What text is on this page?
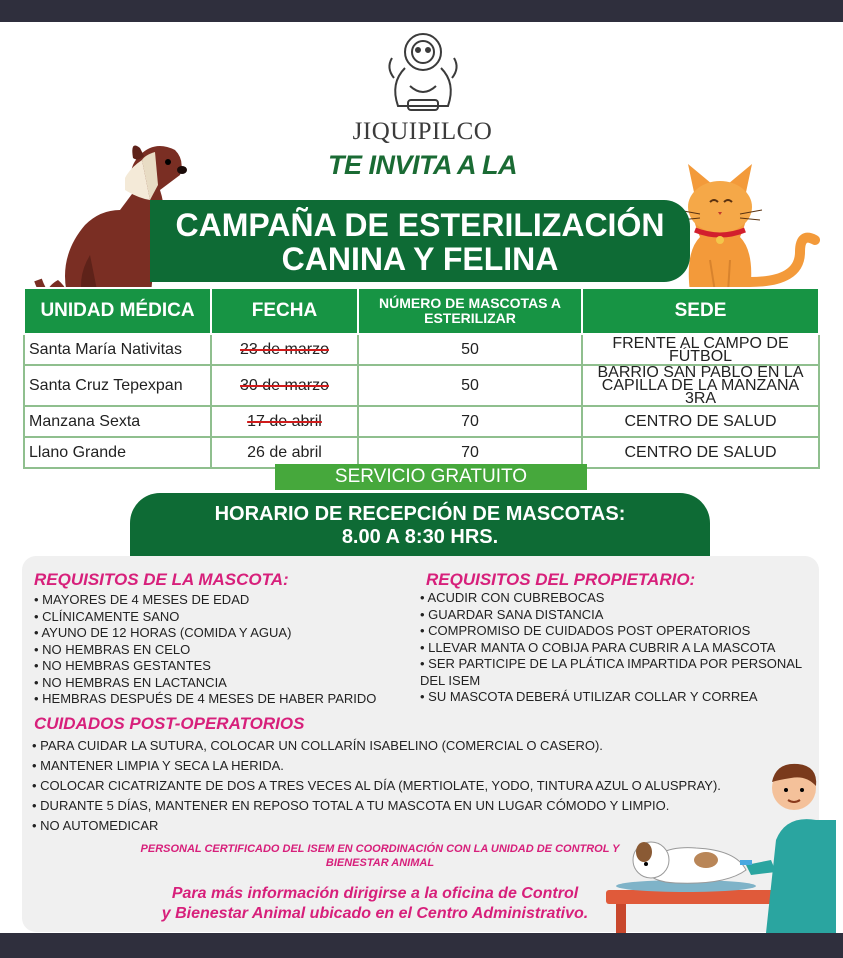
JIQUIPILCO
TE INVITA A LA
CAMPAÑA DE ESTERILIZACIÓN
CANINA Y FELINA
UNIDAD MÉDICA	FECHA	NÚMERO DE MASCOTAS A ESTERILIZAR	SEDE
Santa María Nativitas	23 de marzo	50	FRENTE AL CAMPO DE FÚTBOL
Santa Cruz Tepexpan	30 de marzo	50	BARRIO SAN PABLO EN LA CAPILLA DE LA MANZANA 3RA
Manzana Sexta	17 de abril	70	CENTRO DE SALUD
Llano Grande	26 de abril	70	CENTRO DE SALUD
SERVICIO GRATUITO
HORARIO DE RECEPCIÓN DE MASCOTAS:
8.00 A 8:30 HRS.
REQUISITOS DE LA MASCOTA:
• MAYORES DE 4 MESES DE EDAD
• CLÍNICAMENTE SANO
• AYUNO DE 12 HORAS (COMIDA Y AGUA)
• NO HEMBRAS EN CELO
• NO HEMBRAS GESTANTES
• NO HEMBRAS EN LACTANCIA
• HEMBRAS DESPUÉS DE 4 MESES DE HABER PARIDO
REQUISITOS DEL PROPIETARIO:
• ACUDIR CON CUBREBOCAS
• GUARDAR SANA DISTANCIA
• COMPROMISO DE CUIDADOS POST OPERATORIOS
• LLEVAR MANTA O COBIJA PARA CUBRIR A LA MASCOTA
• SER PARTICIPE DE LA PLÁTICA IMPARTIDA POR PERSONAL DEL ISEM
• SU MASCOTA DEBERÁ UTILIZAR COLLAR Y CORREA
CUIDADOS POST-OPERATORIOS
• PARA CUIDAR LA SUTURA, COLOCAR UN COLLARÍN ISABELINO (COMERCIAL O CASERO).
• MANTENER LIMPIA Y SECA LA HERIDA.
• COLOCAR CICATRIZANTE DE DOS A TRES VECES AL DÍA (MERTIOLATE, YODO, TINTURA AZUL O ALUSPRAY).
• DURANTE 5 DÍAS, MANTENER EN REPOSO TOTAL A TU MASCOTA EN UN LUGAR CÓMODO Y LIMPIO.
• NO AUTOMEDICAR
PERSONAL CERTIFICADO DEL ISEM EN COORDINACIÓN CON LA UNIDAD DE CONTROL Y BIENESTAR ANIMAL
Para más información dirigirse a la oficina de Control
y Bienestar Animal ubicado en el Centro Administrativo.
